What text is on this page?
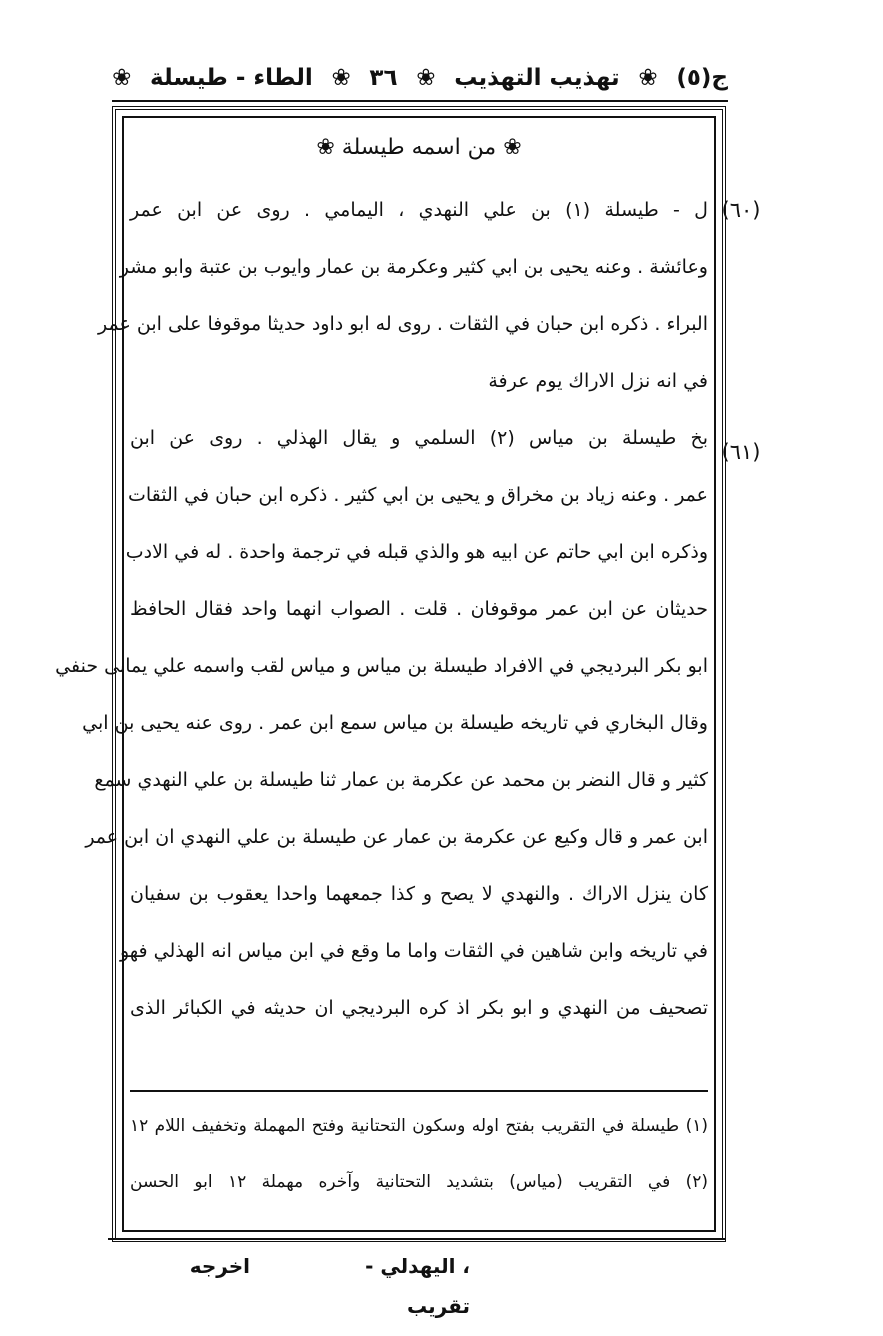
ج(٥)
❀
تهذيب التهذيب
❀
٣٦
❀
الطاء - طيسلة
❀
❀ من اسمه طيسلة ❀
(٦٠)
(٦١)
ل - طيسلة (١) بن علي النهدي ، اليمامي . روى عن ابن عمر
وعائشة . وعنه يحيى بن ابي كثير وعكرمة بن عمار وايوب بن عتبة وابو مشر
البراء . ذكره ابن حبان في الثقات . روى له ابو داود حديثا موقوفا على ابن عمر
في انه نزل الاراك يوم عرفة
بخ طيسلة بن مياس (٢) السلمي و يقال الهذلي . روى عن ابن
عمر . وعنه زياد بن مخراق و يحيى بن ابي كثير . ذكره ابن حبان في الثقات
وذكره ابن ابي حاتم عن ابيه هو والذي قبله في ترجمة واحدة . له في الادب
حديثان عن ابن عمر موقوفان . قلت . الصواب انهما واحد فقال الحافظ
ابو بكر البرديجي في الافراد طيسلة بن مياس و مياس لقب واسمه علي يمانى حنفي
وقال البخاري في تاريخه طيسلة بن مياس سمع ابن عمر . روى عنه يحيى بن ابي
كثير و قال النضر بن محمد عن عكرمة بن عمار ثنا طيسلة بن علي النهدي سمع
ابن عمر و قال وكيع عن عكرمة بن عمار عن طيسلة بن علي النهدي ان ابن عمر
كان ينزل الاراك . والنهدي لا يصح و كذا جمعهما واحدا يعقوب بن سفيان
في تاريخه وابن شاهين في الثقات واما ما وقع في ابن مياس انه الهذلي فهو
تصحيف من النهدي و ابو بكر اذ كره البرديجي ان حديثه في الكبائر الذى
(١) طيسلة في التقريب بفتح اوله وسكون التحتانية وفتح المهملة وتخفيف اللام ١٢
(٢) في التقريب (مياس) بتشديد التحتانية وآخره مهملة ١٢ ابو الحسن
، اليهدلي - تقريب
اخرجه
